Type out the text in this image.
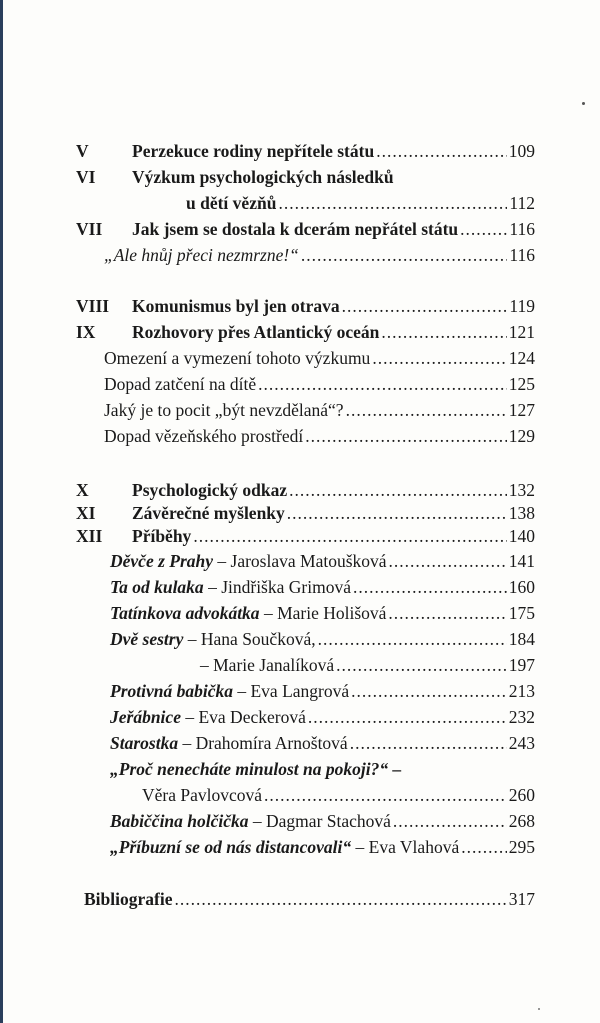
V Perzekuce rodiny nepřítele státu .....	109
VI Výzkum psychologických následků
u dětí vězňů .....	112
VII Jak jsem se dostala k dcerám nepřátel státu .....	116
„Ale hnůj přeci nezmrzne!“ .....	116
VIII Komunismus byl jen otrava .....	119
IX Rozhovory přes Atlantický oceán .....	121
Omezení a vymezení tohoto výzkumu .....	124
Dopad zatčení na dítě .....	125
Jaký je to pocit „být nevzdělaná“? .....	127
Dopad vězeňského prostředí .....	129
X Psychologický odkaz .....	132
XI Závěrečné myšlenky .....	138
XII Příběhy .....	140
Děvče z Prahy – Jaroslava Matoušková .....	141
Ta od kulaka – Jindřiška Grimová .....	160
Tatínkova advokátka – Marie Holišová .....	175
Dvě sestry – Hana Součková, .....	184
– Marie Janalíková .....	197
Protivná babička – Eva Langrová .....	213
Jeřábnice – Eva Deckerová .....	232
Starostka – Drahomíra Arnoštová .....	243
„Proč nenecháte minulost na pokoji?“ –
Věra Pavlovcová .....	260
Babiččina holčička – Dagmar Stachová .....	268
„Příbuzní se od nás distancovali“ – Eva Vlahová .....	295
Bibliografie .....	317
